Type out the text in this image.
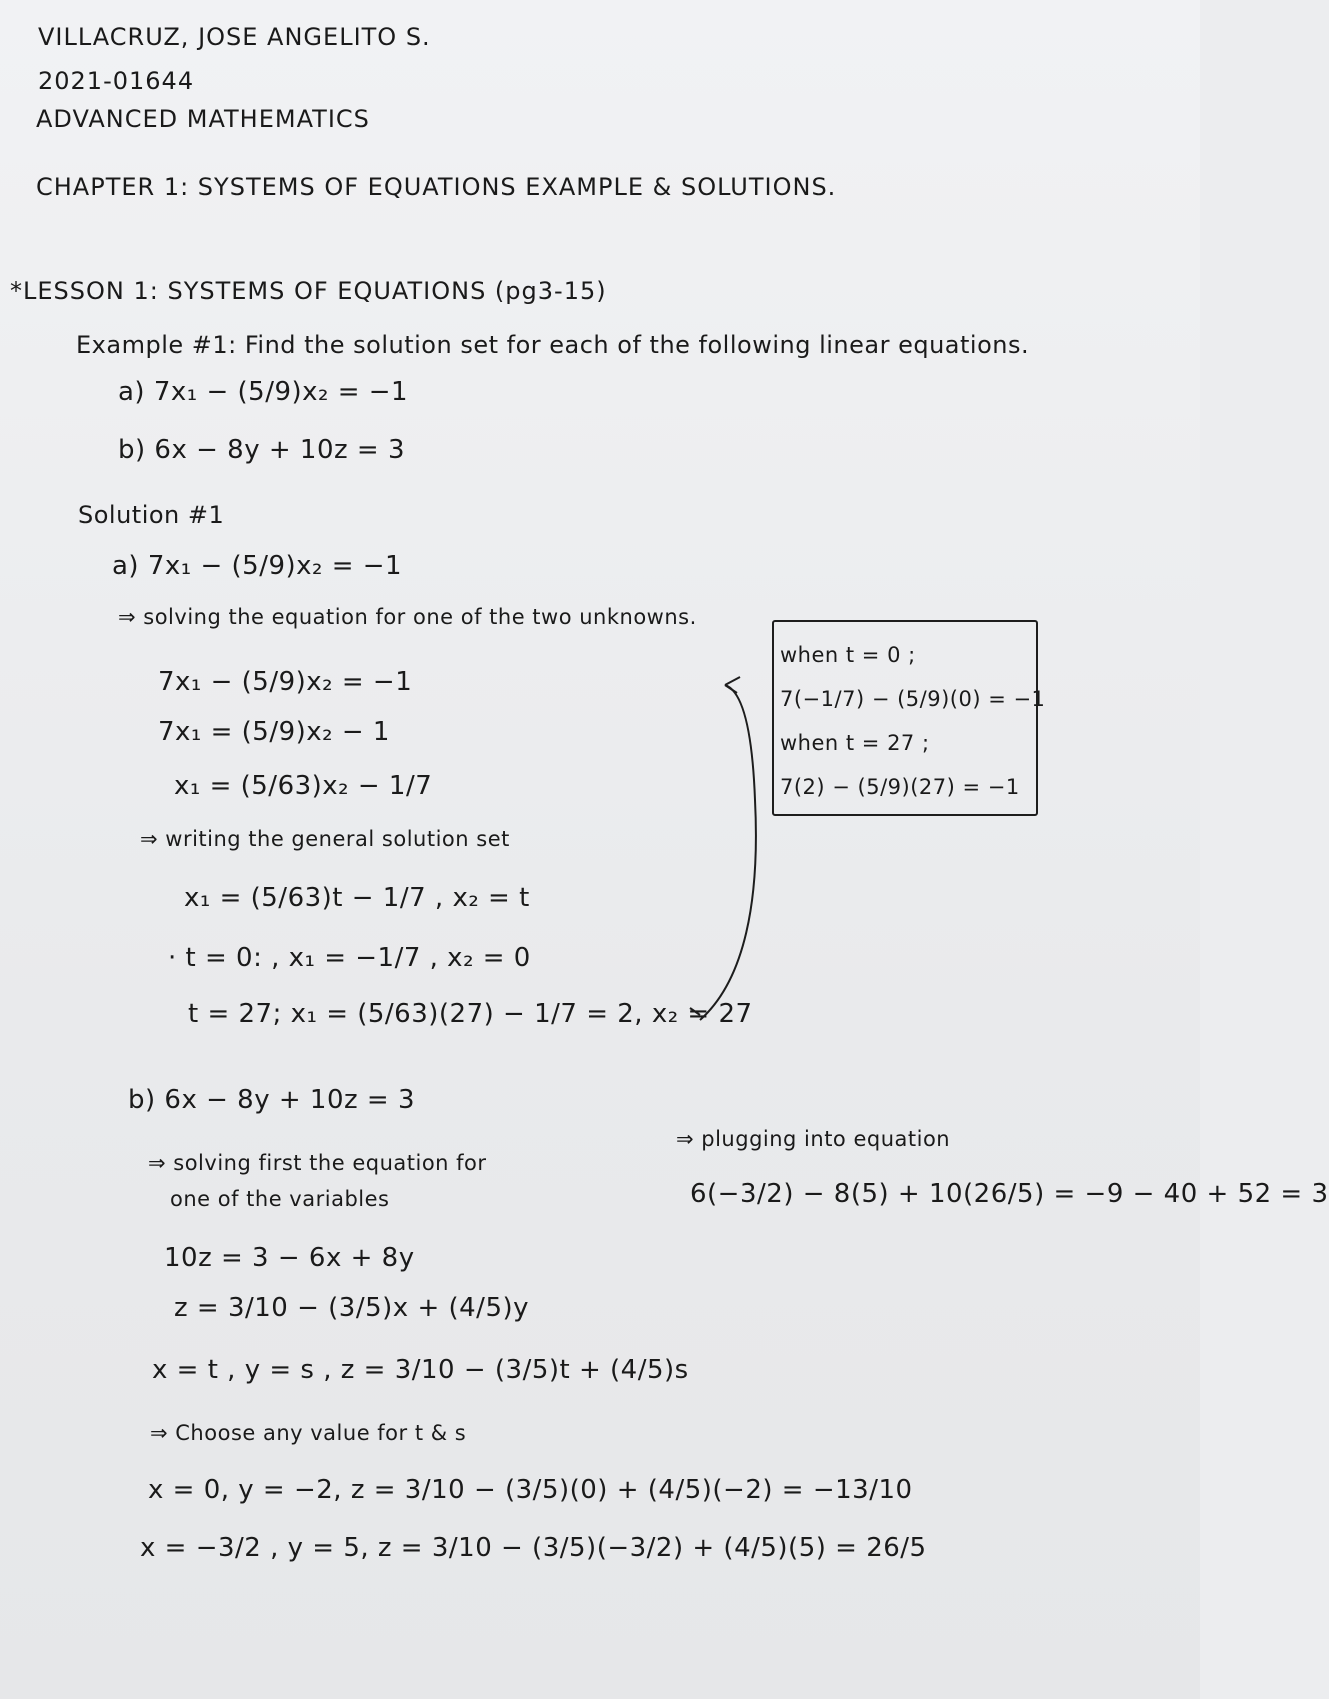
VILLACRUZ, JOSE ANGELITO S.
2021-01644
ADVANCED MATHEMATICS
CHAPTER 1: SYSTEMS OF EQUATIONS EXAMPLE & SOLUTIONS.
*LESSON 1: SYSTEMS OF EQUATIONS (pg3-15)
Example #1: Find the solution set for each of the following linear equations.
a) 7x₁ − (5/9)x₂ = −1
b) 6x − 8y + 10z = 3
Solution #1
a) 7x₁ − (5/9)x₂ = −1
⇒ solving the equation for one of the two unknowns.
7x₁ − (5/9)x₂ = −1
7x₁ = (5/9)x₂ − 1
x₁ = (5/63)x₂ − 1/7
⇒ writing the general solution set
x₁ = (5/63)t − 1/7 , x₂ = t
· t = 0: , x₁ = −1/7 , x₂ = 0
t = 27; x₁ = (5/63)(27) − 1/7 = 2, x₂ = 27
when t = 0 ;
7(−1/7) − (5/9)(0) = −1
when t = 27 ;
7(2) − (5/9)(27) = −1
b) 6x − 8y + 10z = 3
⇒ solving first the equation for
one of the variables
10z = 3 − 6x + 8y
z = 3/10 − (3/5)x + (4/5)y
x = t , y = s , z = 3/10 − (3/5)t + (4/5)s
⇒ Choose any value for t & s
x = 0, y = −2, z = 3/10 − (3/5)(0) + (4/5)(−2) = −13/10
x = −3/2 , y = 5, z = 3/10 − (3/5)(−3/2) + (4/5)(5) = 26/5
⇒ plugging into equation
6(−3/2) − 8(5) + 10(26/5) = −9 − 40 + 52 = 3
